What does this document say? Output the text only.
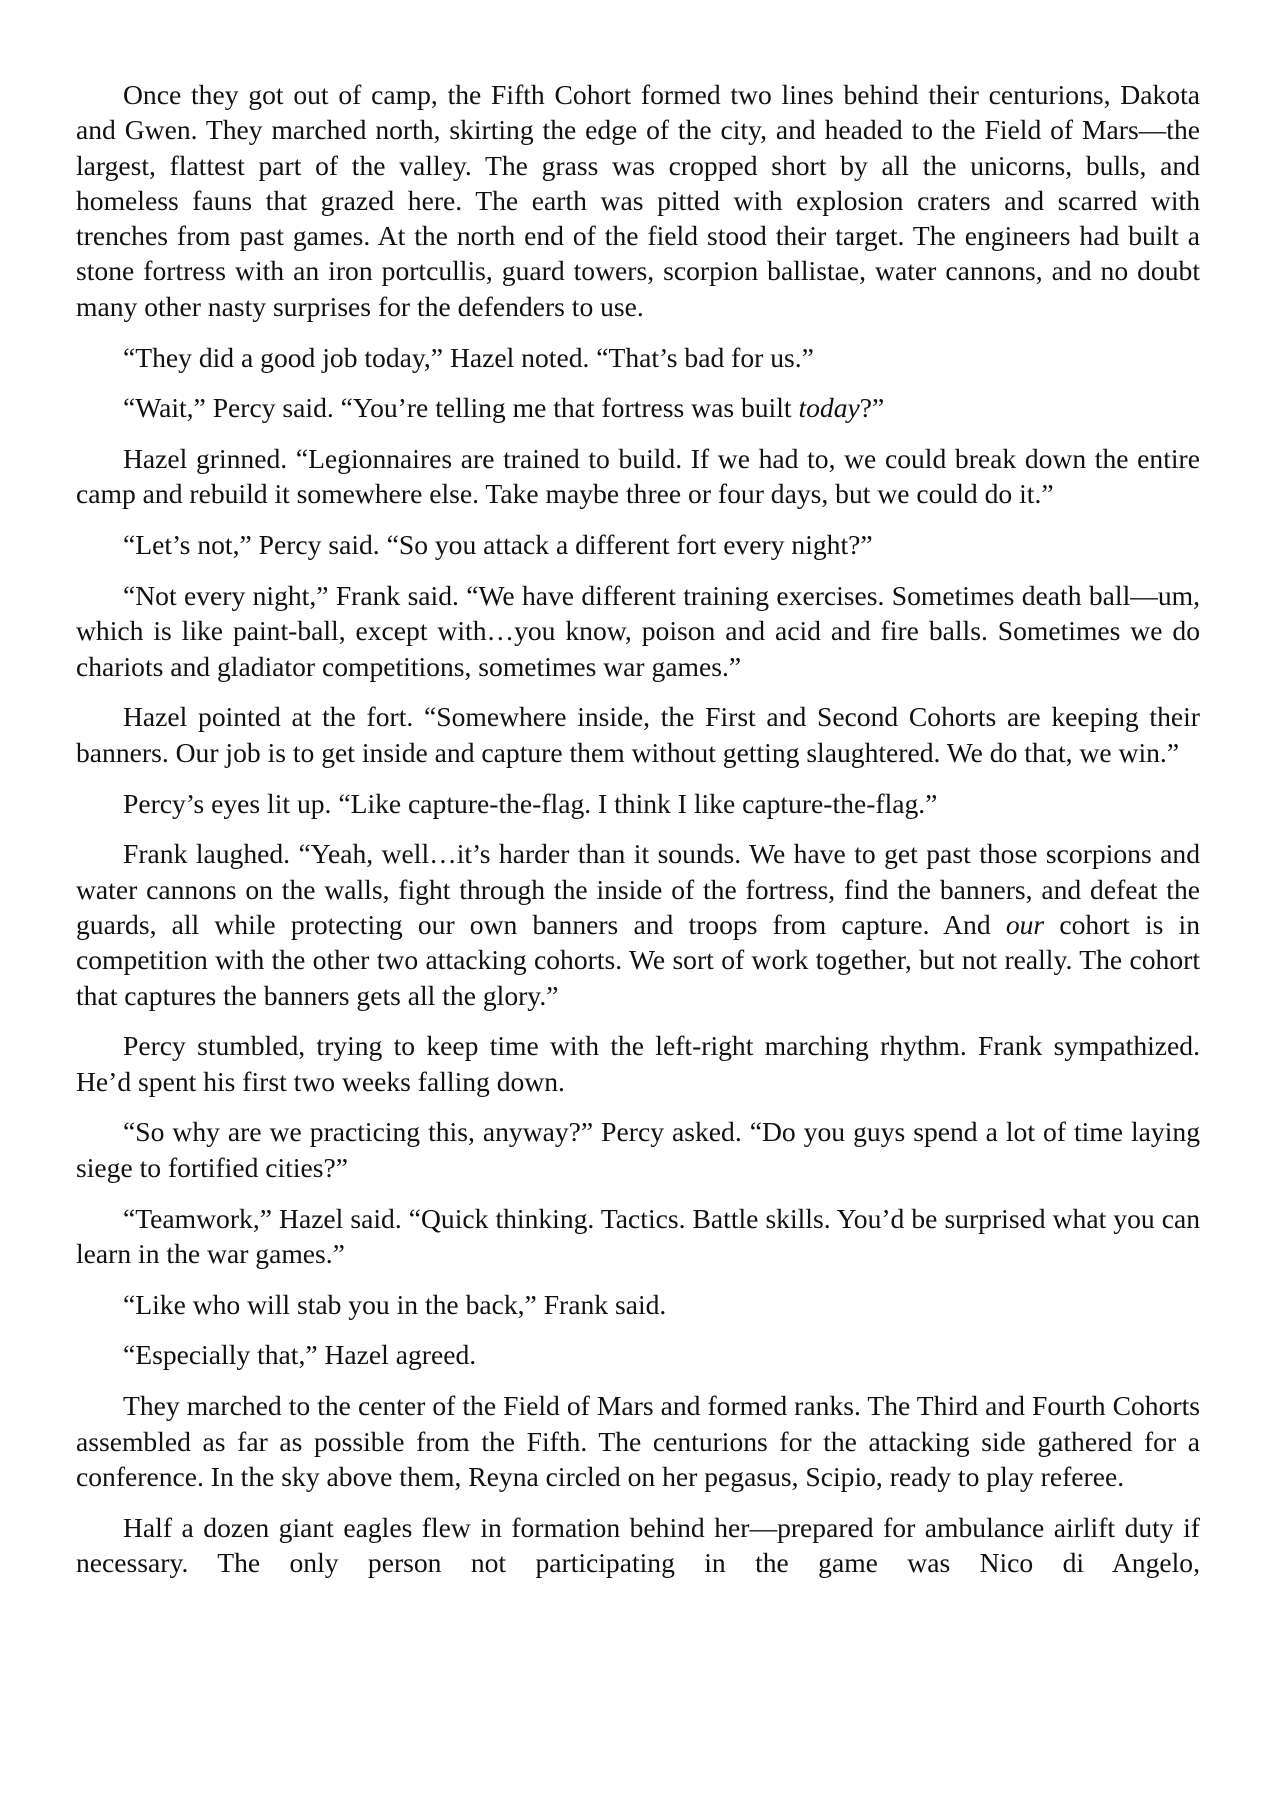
Once they got out of camp, the Fifth Cohort formed two lines behind their centurions, Dakota and Gwen. They marched north, skirting the edge of the city, and headed to the Field of Mars—the largest, flattest part of the valley. The grass was cropped short by all the unicorns, bulls, and homeless fauns that grazed here. The earth was pitted with explosion craters and scarred with trenches from past games. At the north end of the field stood their target. The engineers had built a stone fortress with an iron portcullis, guard towers, scorpion ballistae, water cannons, and no doubt many other nasty surprises for the defenders to use.

“They did a good job today,” Hazel noted. “That’s bad for us.”

“Wait,” Percy said. “You’re telling me that fortress was built today?”

Hazel grinned. “Legionnaires are trained to build. If we had to, we could break down the entire camp and rebuild it somewhere else. Take maybe three or four days, but we could do it.”

“Let’s not,” Percy said. “So you attack a different fort every night?”

“Not every night,” Frank said. “We have different training exercises. Sometimes death ball—um, which is like paint-ball, except with…you know, poison and acid and fire balls. Sometimes we do chariots and gladiator competitions, sometimes war games.”

Hazel pointed at the fort. “Somewhere inside, the First and Second Cohorts are keeping their banners. Our job is to get inside and capture them without getting slaughtered. We do that, we win.”

Percy’s eyes lit up. “Like capture-the-flag. I think I like capture-the-flag.”

Frank laughed. “Yeah, well…it’s harder than it sounds. We have to get past those scorpions and water cannons on the walls, fight through the inside of the fortress, find the banners, and defeat the guards, all while protecting our own banners and troops from capture. And our cohort is in competition with the other two attacking cohorts. We sort of work together, but not really. The cohort that captures the banners gets all the glory.”

Percy stumbled, trying to keep time with the left-right marching rhythm. Frank sympathized. He’d spent his first two weeks falling down.

“So why are we practicing this, anyway?” Percy asked. “Do you guys spend a lot of time laying siege to fortified cities?”

“Teamwork,” Hazel said. “Quick thinking. Tactics. Battle skills. You’d be surprised what you can learn in the war games.”

“Like who will stab you in the back,” Frank said.

“Especially that,” Hazel agreed.

They marched to the center of the Field of Mars and formed ranks. The Third and Fourth Cohorts assembled as far as possible from the Fifth. The centurions for the attacking side gathered for a conference. In the sky above them, Reyna circled on her pegasus, Scipio, ready to play referee.

Half a dozen giant eagles flew in formation behind her—prepared for ambulance airlift duty if necessary. The only person not participating in the game was Nico di Angelo,
